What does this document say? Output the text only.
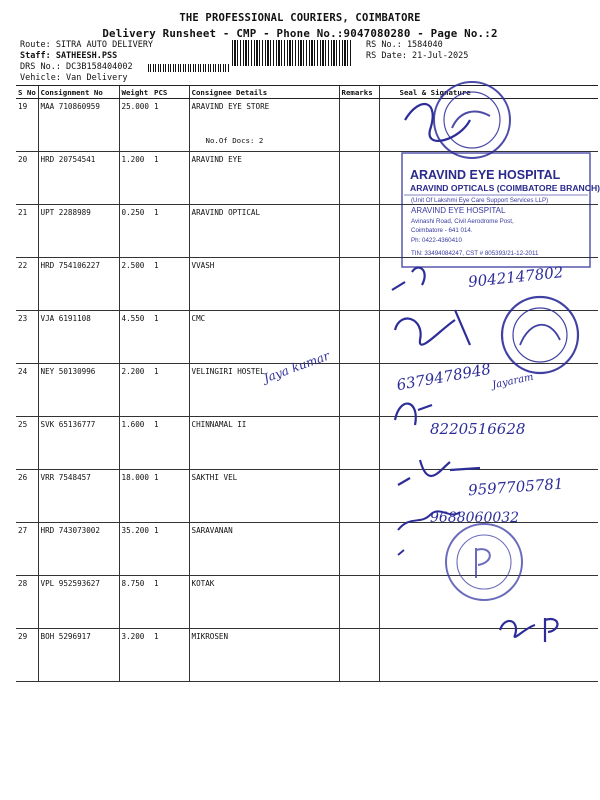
THE PROFESSIONAL COURIERS, COIMBATORE
Delivery Runsheet - CMP - Phone No.:9047080280 - Page No.:2
Route: SITRA AUTO DELIVERY
Staff: SATHEESH.PSS
DRS No.: DC3B158404002
Vehicle: Van Delivery
RS No.: 1584040
RS Date: 21-Jul-2025
S No	Consignment No	Weight	PCS	Consignee Details	Remarks	Seal & Signature
19	MAA 710860959	25.000	1	ARAVIND EYE STORE
No.Of Docs: 2		

20	HRD 20754541	1.200	1	ARAVIND EYE		
21	UPT 2288989	0.250	1	ARAVIND OPTICAL		
22	HRD 754106227	2.500	1	VVASH		
23	VJA 6191108	4.550	1	CMC		
24	NEY 50130996	2.200	1	VELINGIRI HOSTEL		
25	SVK 65136777	1.600	1	CHINNAMAL II		
26	VRR 7548457	18.000	1	SAKTHI VEL		
27	HRD 743073002	35.200	1	SARAVANAN		
28	VPL 952593627	8.750	1	KOTAK		
29	BOH 5296917	3.200	1	MIKROSEN		
ARAVIND EYE HOSPITAL
ARAVIND OPTICALS (COIMBATORE BRANCH)
(Unit Of Lakshmi Eye Care Support Services LLP)
ARAVIND EYE HOSPITAL
Avinashi Road, Civil Aerodrome Post,
Coimbatore - 641 014.
Ph: 0422-4360410
TIN: 33494084247, CST # 805393/21-12-2011
9042147802
6379478948
8220516628
9597705781
9688060032
Jaya kumar	Jayaram
